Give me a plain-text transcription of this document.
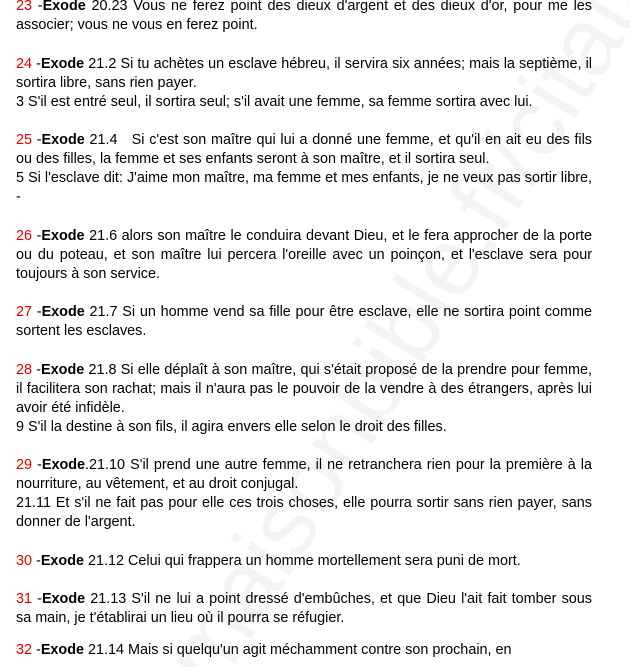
23 -Exode 20.23 Vous ne ferez point des dieux d'argent et des dieux d'or, pour me les associer; vous ne vous en ferez point.

24 -Exode 21.2 Si tu achètes un esclave hébreu, il servira six années; mais la septième, il sortira libre, sans rien payer.

3 S'il est entré seul, il sortira seul; s'il avait une femme, sa femme sortira avec lui.

25 -Exode 21.4   Si c'est son maître qui lui a donné une femme, et qu'il en ait eu des fils ou des filles, la femme et ses enfants seront à son maître, et il sortira seul.

5 Si l'esclave dit: J'aime mon maître, ma femme et mes enfants, je ne veux pas sortir libre, -

26 -Exode 21.6 alors son maître le conduira devant Dieu, et le fera approcher de la porte ou du poteau, et son maître lui percera l'oreille avec un poinçon, et l'esclave sera pour toujours à son service.

27 -Exode 21.7 Si un homme vend sa fille pour être esclave, elle ne sortira point comme sortent les esclaves.

28 -Exode 21.8 Si elle déplaît à son maître, qui s'était proposé de la prendre pour femme, il facilitera son rachat; mais il n'aura pas le pouvoir de la vendre à des étrangers, après lui avoir été infidèle.

9 S'il la destine à son fils, il agira envers elle selon le droit des filles.

29 -Exode.21.10 S'il prend une autre femme, il ne retranchera rien pour la première à la nourriture, au vêtement, et au droit conjugal.

21.11 Et s'il ne fait pas pour elle ces trois choses, elle pourra sortir sans rien payer, sans donner de l'argent.

30 -Exode 21.12 Celui qui frappera un homme mortellement sera puni de mort.

31 -Exode 21.13 S'il ne lui a point dressé d'embûches, et que Dieu l'ait fait tomber sous sa main, je t'établirai un lieu où il pourra se réfugier.

32 -Exode 21.14 Mais si quelqu'un agit méchamment contre son prochain, en
